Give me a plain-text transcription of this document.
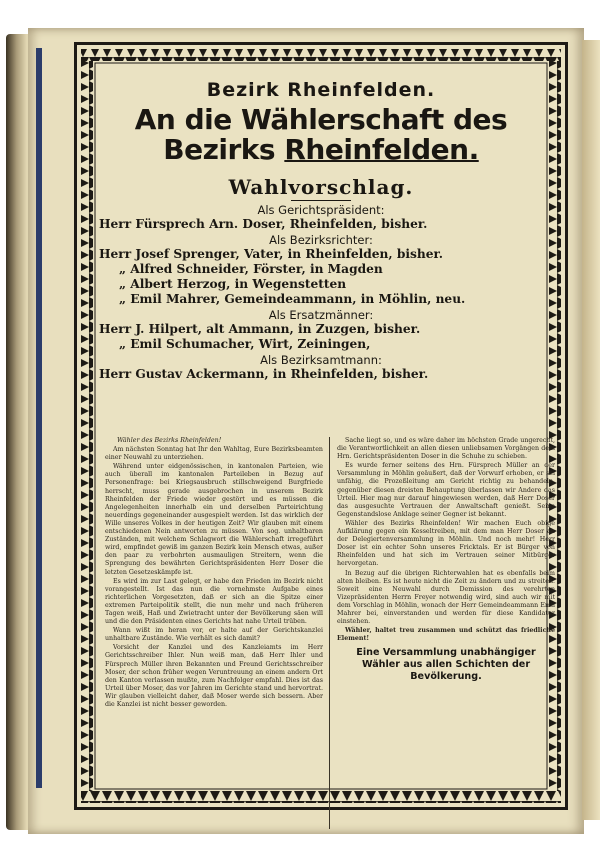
Bezirk Rheinfelden.
An die Wählerschaft des
Bezirks Rheinfelden.
Wahlvorschlag.
Als Gerichtspräsident:
Herr Fürsprech Arn. Doser, Rheinfelden, bisher.
Als Bezirksrichter:
Herr Josef Sprenger, Vater, in Rheinfelden, bisher.
„ Alfred Schneider, Förster, in Magden
„ Albert Herzog, in Wegenstetten
„ Emil Mahrer, Gemeindeammann, in Möhlin, neu.
Als Ersatzmänner:
Herr J. Hilpert, alt Ammann, in Zuzgen, bisher.
„ Emil Schumacher, Wirt, Zeiningen,
Als Bezirksamtmann:
Herr Gustav Ackermann, in Rheinfelden, bisher.

Wähler des Bezirks Rheinfelden!

Am nächsten Sonntag hat Ihr den Wahltag, Eure Bezirksbeamten einer Neuwahl zu unterziehen.

Während unter eidgenössischen, in kantonalen Parteien, wie auch überall im kantonalen Parteileben in Bezug auf Personenfrage: bei Kriegsausbruch stillschweigend Burgfriede herrscht, muss gerade ausgebrochen in unserem Bezirk Rheinfelden der Friede wieder gestört und es müssen die Angelegenheiten innerhalb ein und derselben Parteirichtung neuerdings gegeneinander ausgespielt werden. Ist das wirklich der Wille unseres Volkes in der heutigen Zeit? Wir glauben mit einem entschiedenen Nein antworten zu müssen. Von sog. unhaltbaren Zuständen, mit welchem Schlagwort die Wählerschaft irregeführt wird, empfindet gewiß im ganzen Bezirk kein Mensch etwas, außer den paar zu verbohrten ausmauligen Streitern, wenn die Sprengung des bewährten Gerichtspräsidenten Herr Doser die letzten Gesetzeskämpfe ist.

Es wird im zur Last gelegt, er habe den Frieden im Bezirk nicht vorangestellt. Ist das nun die vornehmste Aufgabe eines richterlichen Vorgesetzten, daß er sich an die Spitze einer extremen Parteipolitik stellt, die nun mehr und nach früheren Tagen weiß, Haß und Zwietracht unter der Bevölkerung säen will und die den Präsidenten eines Gerichts hat nahe Urteil trüben.

Wann wißt im heran vor, er halte auf der Gerichtskanzlei unhaltbare Zustände. Wie verhält es sich damit?

Vorsicht der Kanzlei und des Kanzleiamts im Herr Gerichtsschreiber Ihler. Nun weiß man, daß Herr Ihler und Fürsprech Müller ihren Bekannten und Freund Gerichtsschreiber Moser, der schon früher wegen Veruntreuung an einem andern Ort den Kanton verlassen mußte, zum Nachfolger empfahl. Dies ist das Urteil über Moser, das vor Jahren im Gerichte stand und hervortrat. Wir glauben vielleicht daher, daß Moser werde sich bessern. Aber die Kanzlei ist nicht besser geworden.

Sache liegt so, und es wäre daher im höchsten Grade ungerecht, die Verantwortlichkeit an allen diesen unliebsamen Vorgängen dem Hrn. Gerichtspräsidenten Doser in die Schuhe zu schieben.

Es wurde ferner seitens des Hrn. Fürsprech Müller an der Versammlung in Möhlin geäußert, daß der Vorwurf erhoben, er sei unfähig, die Prozeßleitung am Gericht richtig zu behandeln, gegenüber diesen dreisten Behauptung überlassen wir Andere das Urteil. Hier mag nur darauf hingewiesen werden, daß Herr Doser das ausgesuchte Vertrauen der Anwaltschaft genießt. Seine Gegenstandslose Anklage seiner Gegner ist bekannt.

Wähler des Bezirks Rheinfelden! Wir machen Euch obige Aufklärung gegen ein Kesseltreiben, mit dem man Herr Doser an der Delegiertenversammlung in Möhlin. Und noch mehr! Herr Doser ist ein echter Sohn unseres Fricktals. Er ist Bürger von Rheinfelden und hat sich im Vertrauen seiner Mitbürger hervorgetan.

In Bezug auf die übrigen Richterwahlen hat es ebenfalls beim alten bleiben. Es ist heute nicht die Zeit zu ändern und zu streiten. Soweit eine Neuwahl durch Demission des verehrten Vizepräsidenten Herrn Freyer notwendig wird, sind auch wir mit dem Vorschlag in Möhlin, wonach der Herr Gemeindeammann Emil Mahrer bei, einverstanden und werden für diese Kandidatur einstehen.

Wähler, haltet treu zusammen und schützt das friedliche Element!

Eine Versammlung unabhängiger Wähler aus allen Schichten der Bevölkerung.
